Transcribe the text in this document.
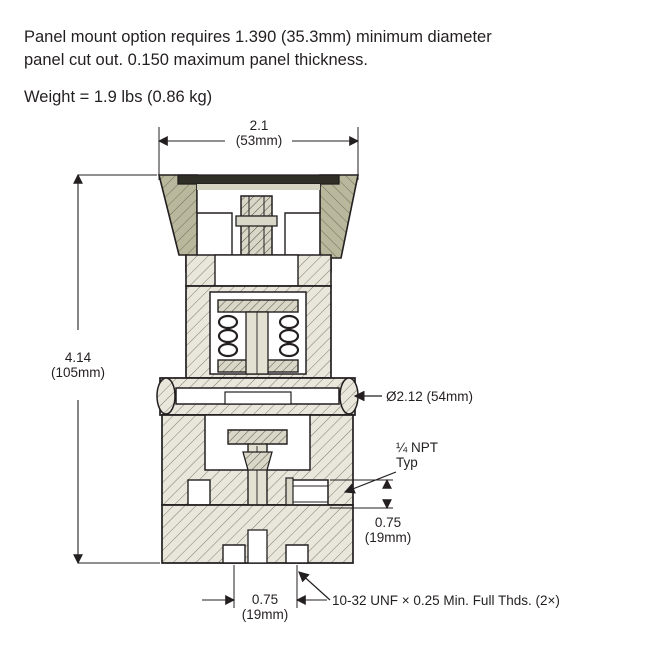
Panel mount option requires 1.390 (35.3mm) minimum diameter
panel cut out. 0.150 maximum panel thickness.
Weight = 1.9 lbs (0.86 kg)
2.1
(53mm)
4.14
(105mm)
Ø2.12 (54mm)
¼ NPT
Typ
0.75
(19mm)
0.75
(19mm)
10-32 UNF × 0.25 Min. Full Thds. (2×)
